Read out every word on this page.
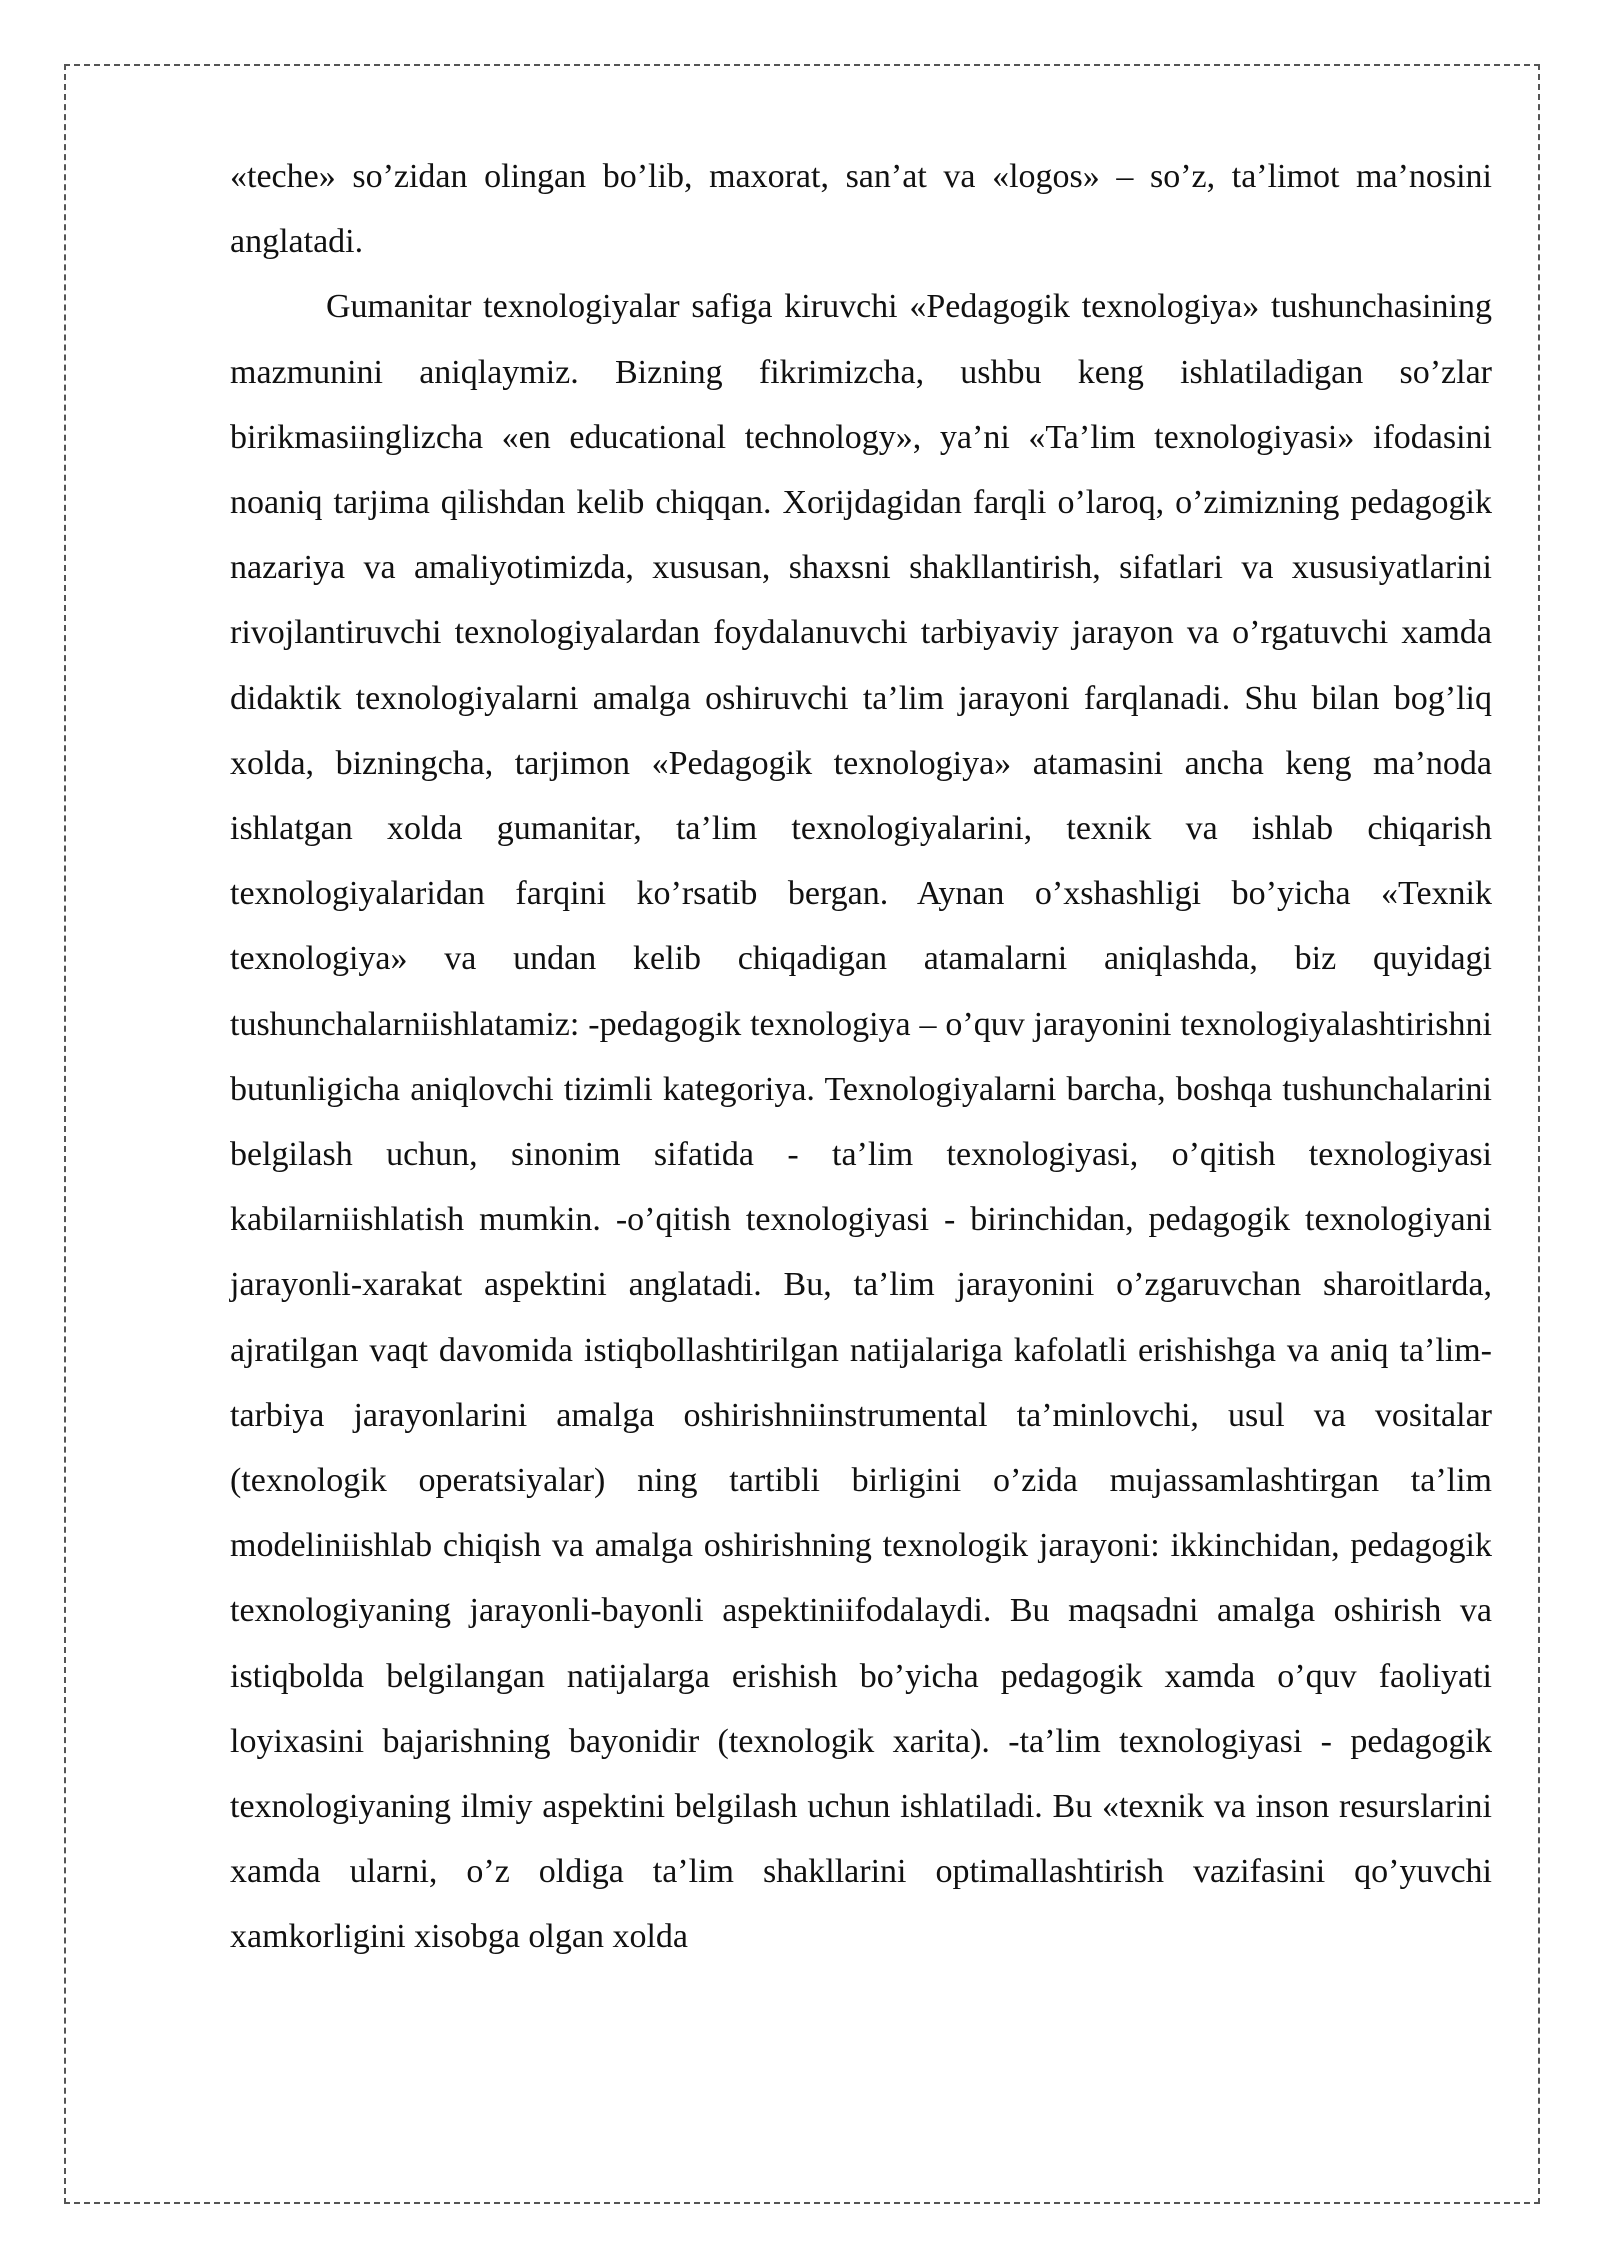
«teche» so’zidan olingan bo’lib, maxorat, san’at va «logos» – so’z, ta’limot ma’nosini anglatadi.

Gumanitar texnologiyalar safiga kiruvchi «Pedagogik texnologiya» tushunchasining mazmunini aniqlaymiz. Bizning fikrimizcha, ushbu keng ishlatiladigan so’zlar birikmasiinglizcha «en educational technology», ya’ni «Ta’lim texnologiyasi» ifodasini noaniq tarjima qilishdan kelib chiqqan. Xorijdagidan farqli o’laroq, o’zimizning pedagogik nazariya va amaliyotimizda, xususan, shaxsni shakllantirish, sifatlari va xususiyatlarini rivojlantiruvchi texnologiyalardan foydalanuvchi tarbiyaviy jarayon va o’rgatuvchi xamda didaktik texnologiyalarni amalga oshiruvchi ta’lim jarayoni farqlanadi. Shu bilan bog’liq xolda, bizningcha, tarjimon «Pedagogik texnologiya» atamasini ancha keng ma’noda ishlatgan xolda gumanitar, ta’lim texnologiyalarini, texnik va ishlab chiqarish texnologiyalaridan farqini ko’rsatib bergan. Aynan o’xshashligi bo’yicha «Texnik texnologiya» va undan kelib chiqadigan atamalarni aniqlashda, biz quyidagi tushunchalarniishlatamiz: -pedagogik texnologiya – o’quv jarayonini texnologiyalashtirishni butunligicha aniqlovchi tizimli kategoriya. Texnologiyalarni barcha, boshqa tushunchalarini belgilash uchun, sinonim sifatida - ta’lim texnologiyasi, o’qitish texnologiyasi kabilarniishlatish mumkin. -o’qitish texnologiyasi - birinchidan, pedagogik texnologiyani jarayonli-xarakat aspektini anglatadi. Bu, ta’lim jarayonini o’zgaruvchan sharoitlarda, ajratilgan vaqt davomida istiqbollashtirilgan natijalariga kafolatli erishishga va aniq ta’lim-tarbiya jarayonlarini amalga oshirishniinstrumental ta’minlovchi, usul va vositalar (texnologik operatsiyalar) ning tartibli birligini o’zida mujassamlashtirgan ta’lim modeliniishlab chiqish va amalga oshirishning texnologik jarayoni: ikkinchidan, pedagogik texnologiyaning jarayonli-bayonli aspektiniifodalaydi. Bu maqsadni amalga oshirish va istiqbolda belgilangan natijalarga erishish bo’yicha pedagogik xamda o’quv faoliyati loyixasini bajarishning bayonidir (texnologik xarita). -ta’lim texnologiyasi - pedagogik texnologiyaning ilmiy aspektini belgilash uchun ishlatiladi. Bu «texnik va inson resurslarini xamda ularni, o’z oldiga ta’lim shakllarini optimallashtirish vazifasini qo’yuvchi xamkorligini xisobga olgan xolda
